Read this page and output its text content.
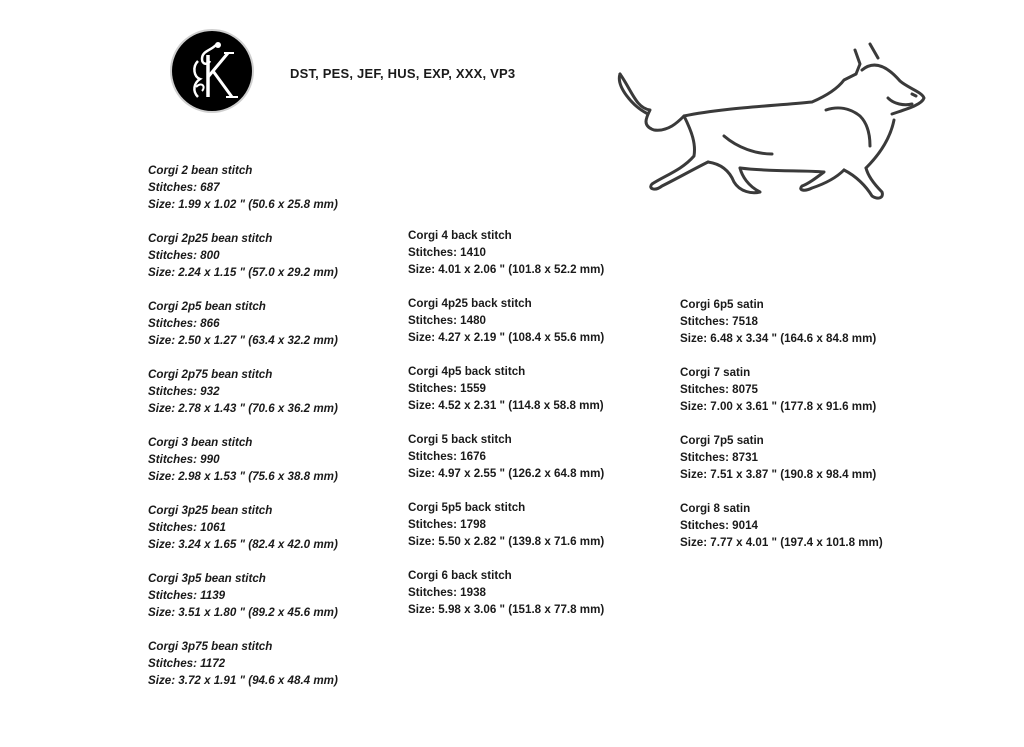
DST, PES, JEF, HUS, EXP, XXX, VP3
Corgi 2 bean stitch
Stitches: 687
Size: 1.99 x 1.02 " (50.6 x 25.8 mm)
Corgi 2p25 bean stitch
Stitches: 800
Size: 2.24 x 1.15 " (57.0 x 29.2 mm)
Corgi 2p5 bean stitch
Stitches: 866
Size: 2.50 x 1.27 " (63.4 x 32.2 mm)
Corgi 2p75 bean stitch
Stitches: 932
Size: 2.78 x 1.43 " (70.6 x 36.2 mm)
Corgi 3 bean stitch
Stitches: 990
Size: 2.98 x 1.53 " (75.6 x 38.8 mm)
Corgi 3p25 bean stitch
Stitches: 1061
Size: 3.24 x 1.65 " (82.4 x 42.0 mm)
Corgi 3p5 bean stitch
Stitches: 1139
Size: 3.51 x 1.80 " (89.2 x 45.6 mm)
Corgi 3p75 bean stitch
Stitches: 1172
Size: 3.72 x 1.91 " (94.6 x 48.4 mm)
Corgi 4 back stitch
Stitches: 1410
Size: 4.01 x 2.06 " (101.8 x 52.2 mm)
Corgi 4p25 back stitch
Stitches: 1480
Size: 4.27 x 2.19 " (108.4 x 55.6 mm)
Corgi 4p5 back stitch
Stitches: 1559
Size: 4.52 x 2.31 " (114.8 x 58.8 mm)
Corgi 5 back stitch
Stitches: 1676
Size: 4.97 x 2.55 " (126.2 x 64.8 mm)
Corgi 5p5 back stitch
Stitches: 1798
Size: 5.50 x 2.82 " (139.8 x 71.6 mm)
Corgi 6 back stitch
Stitches: 1938
Size: 5.98 x 3.06 " (151.8 x 77.8 mm)
Corgi 6p5 satin
Stitches: 7518
Size: 6.48 x 3.34 " (164.6 x 84.8 mm)
Corgi 7 satin
Stitches: 8075
Size: 7.00 x 3.61 " (177.8 x 91.6 mm)
Corgi 7p5 satin
Stitches: 8731
Size: 7.51 x 3.87 " (190.8 x 98.4 mm)
Corgi 8 satin
Stitches: 9014
Size: 7.77 x 4.01 " (197.4 x 101.8 mm)
